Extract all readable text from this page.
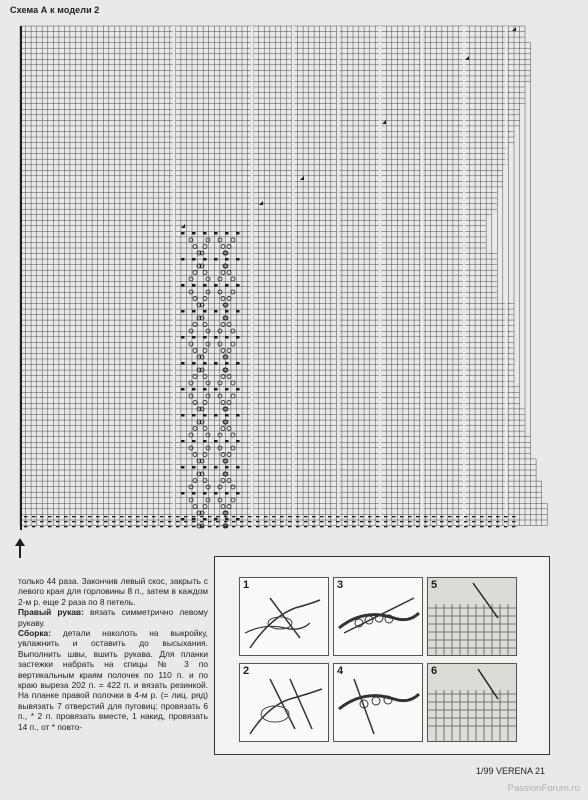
Схема А к модели 2

только 44 раза. Закончив левый скос, закрыть с левого края для горловины 8 п., затем в каждом 2-м р. еще 2 раза по 8 петель.

Правый рукав: вязать симметрично левому рукаву.

Сборка: детали наколоть на выкройку, увлажнить и оставить до высыхания. Выполнить швы, вшить рукава. Для планки застежки набрать на спицы № 3 по вертикальным краям полочек по 110 п. и по краю выреза 202 п. = 422 п. и вязать резинкой. На планке правой полочки в 4-м р. (= лиц. ряд) вывязать 7 отверстий для пуговиц: провязать 6 п., * 2 п. провязать вместе, 1 накид, провязать 14 п., от * повто-

1	3	5
2	4	6
1/99 VERENA 21
PassionForum.ru
